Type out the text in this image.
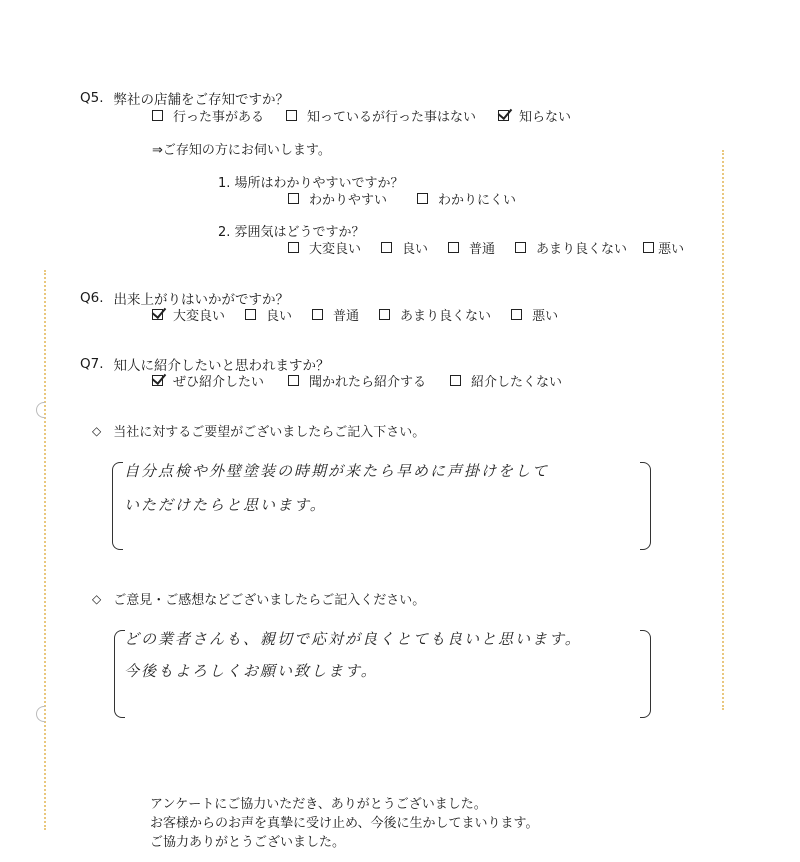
Q5. 弊社の店舗をご存知ですか？
行った事がある	知っているが行った事はない	知らない
⇒ご存知の方にお伺いします。
1. 場所はわかりやすいですか？
わかりやすい	わかりにくい
2. 雰囲気はどうですか？
大変良い	良い	普通	あまり良くない 悪い
Q6. 出来上がりはいかがですか？
大変良い	良い	普通	あまり良くない	悪い
Q7. 知人に紹介したいと思われますか？
ぜひ紹介したい	聞かれたら紹介する	紹介したくない
◇ 当社に対するご要望がございましたらご記入下さい。
自分点検や外壁塗装の時期が来たら早めに声掛けをして
いただけたらと思います。
◇ ご意見・ご感想などございましたらご記入ください。
どの業者さんも、親切で応対が良くとても良いと思います。
今後もよろしくお願い致します。
アンケートにご協力いただき、ありがとうございました。
お客様からのお声を真摯に受け止め、今後に生かしてまいります。
ご協力ありがとうございました。
